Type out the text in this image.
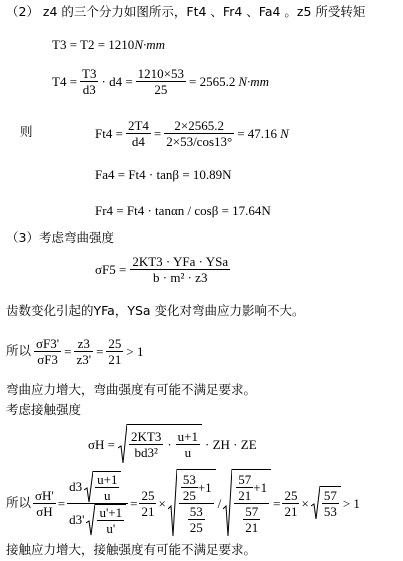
（2） z4 的三个分力如图所示，Ft4 、Fr4 、Fa4 。z5 所受转矩
T3 = T2 = 1210N·mm
$T4 = \frac{T3}{d3} \cdot d4 = \frac{1210\times 53}{25} = 2565.2$ N·mm
则	$Ft4 = \frac{2T4}{d4} = \frac{2\times 2565.2}{2\times 53/\cos 13^\circ} = 47.16$ N
Fa4 = Ft4 · tanβ = 10.89N
Fr4 = Ft4 · tanαn / cosβ = 17.64N
（3）考虑弯曲强度
σF5 =
2KT3 · YFa · YSa
b · m² · z3
齿数变化引起的YFa，YSa 变化对弯曲应力影响不大。
所以 $\frac{\sigma F3'}{\sigma F3} = \frac{z3}{z3'} = \frac{25}{21} > 1$
弯曲应力增大，弯曲强度有可能不满足要求。
考虑接触强度
$\sigma H = \frac{2KT3}{\text{bd3²}}$ ·
u+1
u
· ZH · ZE
所以 $\frac{\sigma H'}{\sigma H} = d3$ u+1
u
d3' u'+1
$u' = \frac{25}{21}$ ×
53
25
+1
$\frac{53}{25}$
/
57
21
+1
$\frac{57}{21}$
= $\frac{25}{21} \times 57$
53
> 1
接触应力增大，接触强度有可能不满足要求。
